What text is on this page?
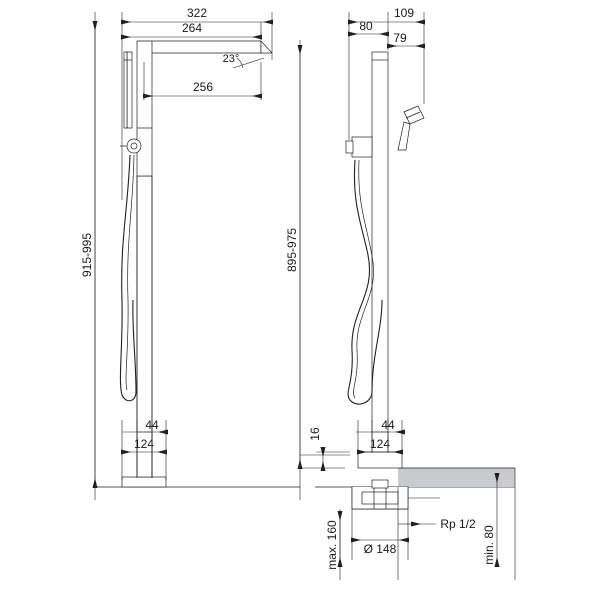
322
264
256
23°
915-995
44
124
109
80
79
895-975
16
44
124
max. 160 Ø 148
Rp 1/2
min. 80
